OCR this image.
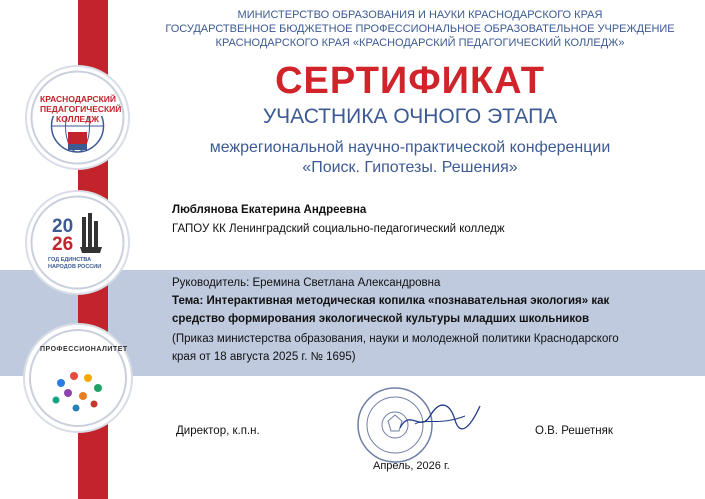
КРАСНОДАРСКИЙ ПЕДАГОГИЧЕСКИЙ КОЛЛЕДЖ
20
26
ГОД ЕДИНСТВА НАРОДОВ РОССИИ
ПРОФЕССИОНАЛИТЕТ
МИНИСТЕРСТВО ОБРАЗОВАНИЯ И НАУКИ КРАСНОДАРСКОГО КРАЯ
ГОСУДАРСТВЕННОЕ БЮДЖЕТНОЕ ПРОФЕССИОНАЛЬНОЕ ОБРАЗОВАТЕЛЬНОЕ УЧРЕЖДЕНИЕ
КРАСНОДАРСКОГО КРАЯ «КРАСНОДАРСКИЙ ПЕДАГОГИЧЕСКИЙ КОЛЛЕДЖ»
СЕРТИФИКАТ
УЧАСТНИКА ОЧНОГО ЭТАПА
межрегиональной научно-практической конференции
«Поиск. Гипотезы. Решения»
Люблянова Екатерина Андреевна
ГАПОУ КК Ленинградский социально-педагогический колледж
Руководитель: Еремина Светлана Александровна
Тема: Интерактивная методическая копилка «познавательная экология» как
средство формирования экологической культуры младших школьников
(Приказ министерства образования, науки и молодежной политики Краснодарского
края от 18 августа 2025 г. № 1695)
Директор, к.п.н.	О.В. Решетняк
Апрель, 2026 г.
